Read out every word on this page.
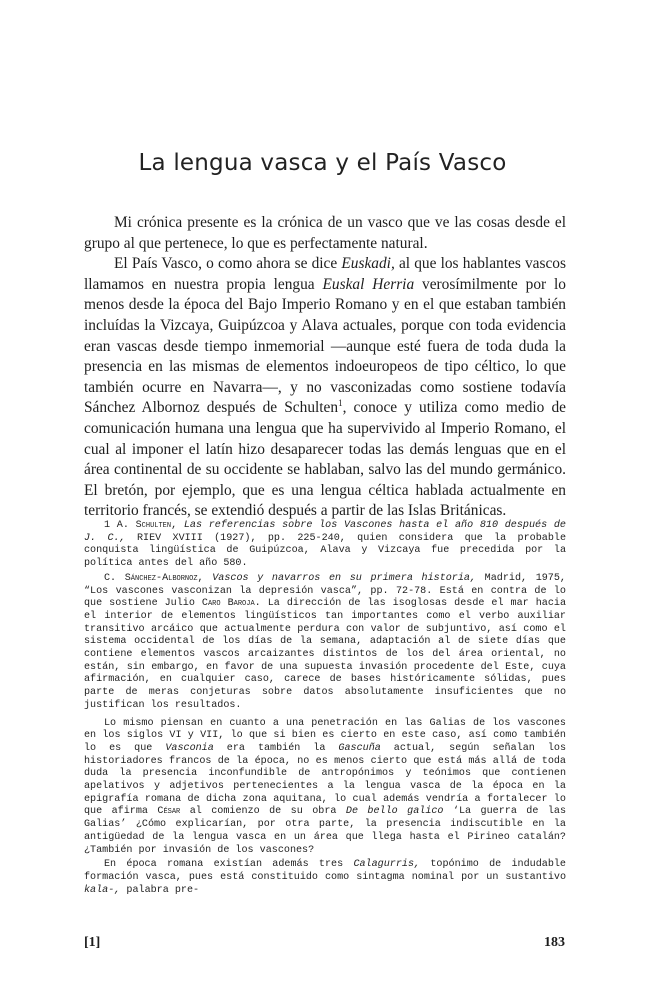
La lengua vasca y el País Vasco

Mi crónica presente es la crónica de un vasco que ve las cosas desde el grupo al que pertenece, lo que es perfectamente natural.

El País Vasco, o como ahora se dice Euskadi, al que los hablantes vascos llamamos en nuestra propia lengua Euskal Herria verosímilmente por lo menos desde la época del Bajo Imperio Romano y en el que estaban también incluídas la Vizcaya, Guipúzcoa y Alava actuales, porque con toda evidencia eran vascas desde tiempo inmemorial —aunque esté fuera de toda duda la presencia en las mismas de elementos indoeuropeos de tipo céltico, lo que también ocurre en Navarra—, y no vasconizadas como sostiene todavía Sánchez Albornoz después de Schulten$^1$, conoce y utiliza como medio de comunicación humana una lengua que ha supervivido al Imperio Romano, el cual al imponer el latín hizo desaparecer todas las demás lenguas que en el área continental de su occidente se hablaban, salvo las del mundo germánico. El bretón, por ejemplo, que es una lengua céltica hablada actualmente en territorio francés, se extendió después a partir de las Islas Británicas.

1 A. Schulten, Las referencias sobre los Vascones hasta el año 810 después de J. C., RIEV XVIII (1927), pp. 225-240, quien considera que la probable conquista lingüística de Guipúzcoa, Alava y Vizcaya fue precedida por la política antes del año 580.

C. Sánchez-Albornoz, Vascos y navarros en su primera historia, Madrid, 1975, “Los vascones vasconizan la depresión vasca”, pp. 72-78. Está en contra de lo que sostiene Julio Caro Baroja. La dirección de las isoglosas desde el mar hacia el interior de elementos lingüísticos tan importantes como el verbo auxiliar transitivo arcáico que actualmente perdura con valor de subjuntivo, así como el sistema occidental de los días de la semana, adaptación al de siete días que contiene elementos vascos arcaizantes distintos de los del área oriental, no están, sin embargo, en favor de una supuesta invasión procedente del Este, cuya afirmación, en cualquier caso, carece de bases históricamente sólidas, pues parte de meras conjeturas sobre datos absolutamente insuficientes que no justifican los resultados.

Lo mismo piensan en cuanto a una penetración en las Galias de los vascones en los siglos VI y VII, lo que si bien es cierto en este caso, así como también lo es que Vasconia era también la Gascuña actual, según señalan los historiadores francos de la época, no es menos cierto que está más allá de toda duda la presencia inconfundible de antropónimos y teónimos que contienen apelativos y adjetivos pertenecientes a la lengua vasca de la época en la epigrafía romana de dicha zona aquitana, lo cual además vendría a fortalecer lo que afirma César al comienzo de su obra De bello galico ‘La guerra de las Galias’ ¿Cómo explicarían, por otra parte, la presencia indiscutible en la antigüedad de la lengua vasca en un área que llega hasta el Pirineo catalán? ¿También por invasión de los vascones?

En época romana existían además tres Calagurris, topónimo de indudable formación vasca, pues está constituido como sintagma nominal por un sustantivo kala-, palabra pre-

[1]	183
